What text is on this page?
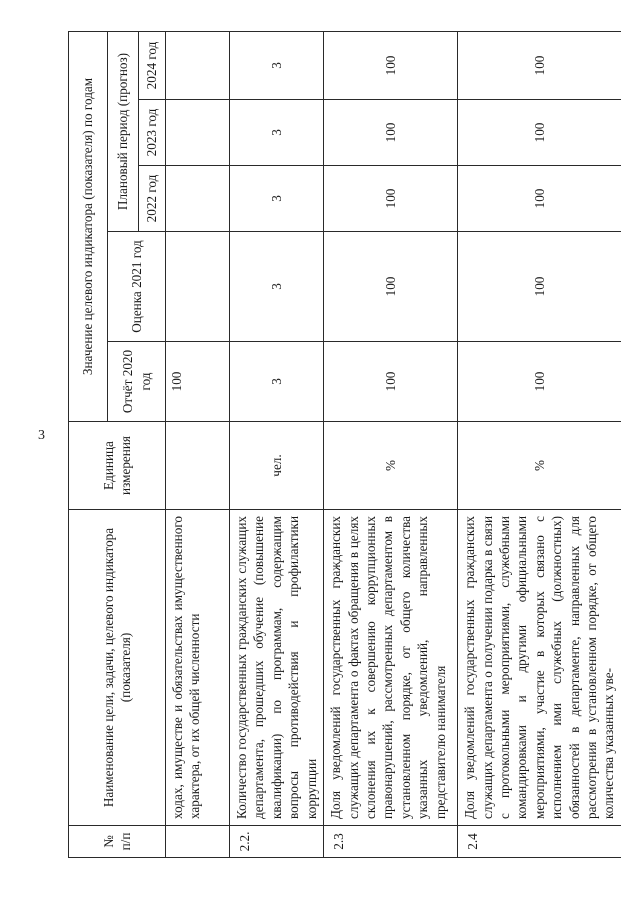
3
№ п/п	Наименование цели, задачи, целевого индикатора (показателя)	Единица измерения	Значение целевого индикатора (показателя) по годам				
			Отчёт 2020 год	Оценка 2021 год	Плановый период (прогноз)		
					2022 год	2023 год	2024 год
	ходах, имуществе и обязательствах имущественного характера, от их общей численности		100				
2.2.	Количество государственных гражданских служащих департамента, прошедших обучение (повышение квалификации) по программам, содержащим вопросы противодействия и профилактики коррупции	чел.	3	3	3	3	3
2.3	Доля уведомлений государственных гражданских служащих департамента о фактах обращения в целях склонения их к совершению коррупционных правонарушений, рассмотренных департаментом в установленном порядке, от общего количества указанных уведомлений, направленных представителю нанимателя	%	100	100	100	100	100
2.4	Доля уведомлений государственных гражданских служащих департамента о получении подарка в связи с протокольными мероприятиями, служебными командировками и другими официальными мероприятиями, участие в которых связано с исполнением ими служебных (должностных) обязанностей в департаменте, направленных для рассмотрения в установленном порядке, от общего количества указанных уве-	%	100	100	100	100	100
